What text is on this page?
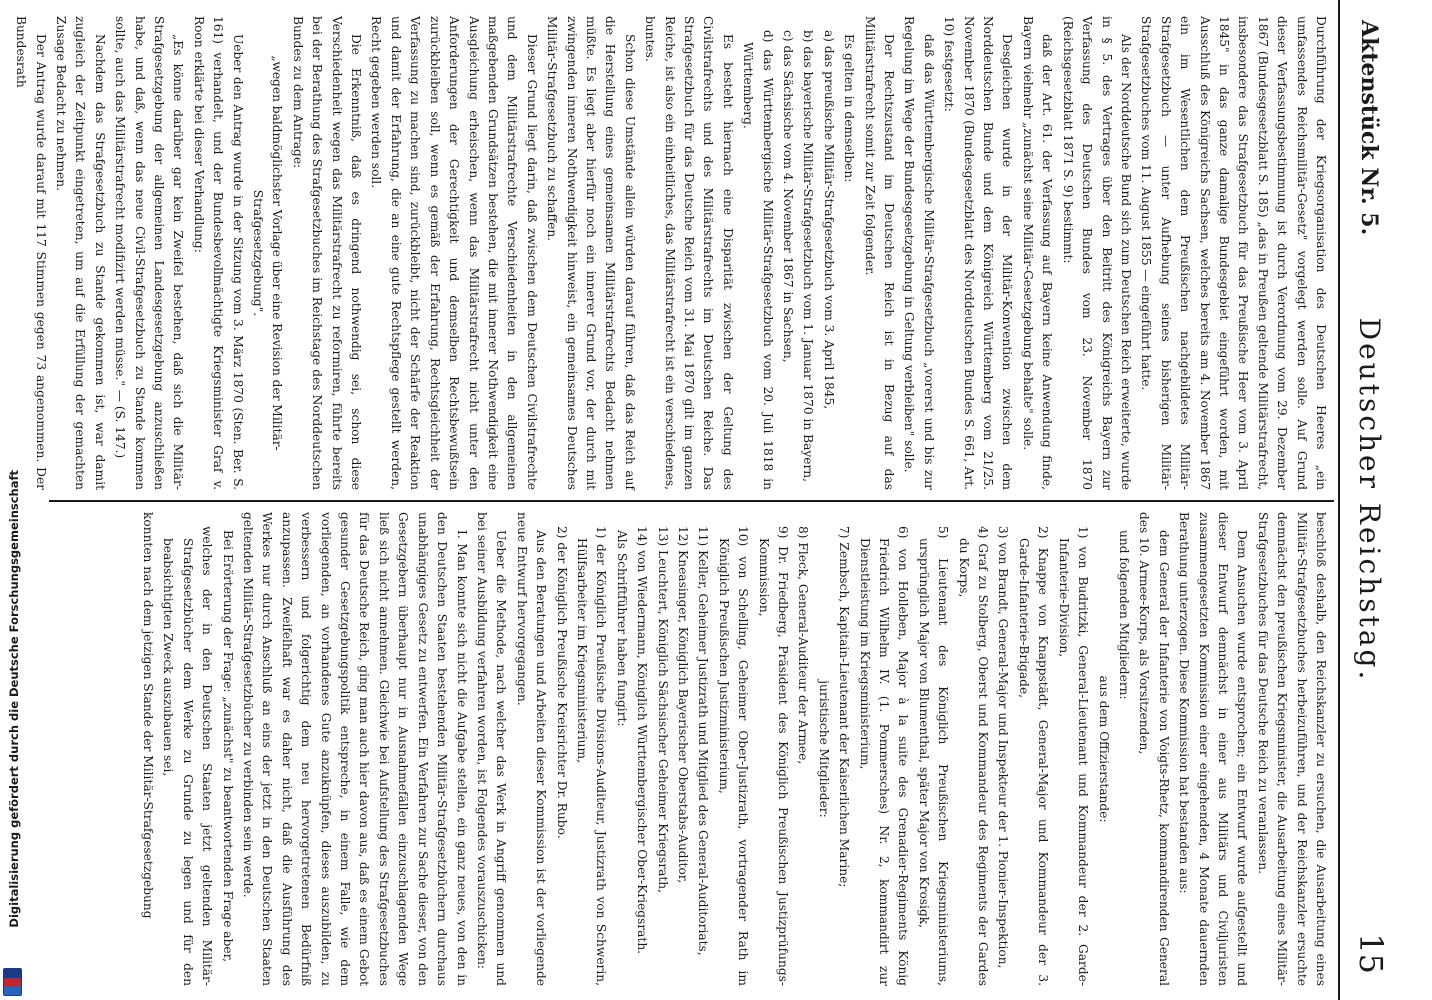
Aktenstück Nr. 5.
Deutscher Reichstag.
15

Durchführung der Kriegsorganisation des Deutschen Heeres „ein umfassendes Reichsmilitär-Gesetz" vorgelegt werden solle. Auf Grund dieser Verfassungsbestimmung ist durch Verordnung vom 29. Dezember 1867 (Bundesgesetzblatt S. 185) „das in Preußen geltende Militärstrafrecht, insbesondere das Strafgesetzbuch für das Preußische Heer vom 3. April 1845" in das ganze damalige Bundesgebiet eingeführt worden, mit Ausschluß des Königreichs Sachsen, welches bereits am 4. November 1867 ein im Wesentlichen dem Preußischen nachgebildetes Militär-Strafgesetzbuch — unter Aufhebung seines bisherigen Militär-Strafgesetzbuches vom 11. August 1855 — eingeführt hatte.

Als der Norddeutsche Bund sich zum Deutschen Reich erweiterte, wurde in § 5. des Vertrages über den Beitritt des Königreichs Bayern zur Verfassung des Deutschen Bundes vom 23. November 1870 (Reichsgesetzblatt 1871 S. 9) bestimmt:

daß der Art. 61. der Verfassung auf Bayern keine Anwendung finde, Bayern vielmehr „zunächst seine Militär-Gesetzgebung behalte" solle.

Desgleichen wurde in der Militär-Konvention zwischen dem Norddeutschen Bunde und dem Königreich Württemberg vom 21/25. November 1870 (Bundesgesetzblatt des Norddeutschen Bundes S. 661, Art. 10) festgesetzt:

daß das Württembergische Militär-Strafgesetzbuch „vorerst und bis zur Regelung im Wege der Bundesgesetzgebung in Geltung verbleiben" solle.

Der Rechtszustand im Deutschen Reich ist in Bezug auf das Militärstrafrecht somit zur Zeit folgender.

Es gelten in demselben:

a) das preußische Militär-Strafgesetzbuch vom 3. April 1845,

b) das bayerische Militär-Strafgesetzbuch vom 1. Januar 1870 in Bayern,

c) das Sächsische vom 4. November 1867 in Sachsen,

d) das Württembergische Militär-Strafgesetzbuch vom 20. Juli 1818 in Württemberg.

Es besteht hiernach eine Disparität zwischen der Geltung des Civilstrafrechts und des Militärstrafrechts im Deutschen Reiche. Das Strafgesetzbuch für das Deutsche Reich vom 31. Mai 1870 gilt im ganzen Reiche, ist also ein einheitliches, das Militärstrafrecht ist ein verschiedenes, buntes.

Schon diese Umstände allein würden darauf führen, daß das Reich auf die Herstellung eines gemeinsamen Militärstrafrechts Bedacht nehmen müßte. Es liegt aber hierfür noch ein innerer Grund vor, der durch mit zwingenden inneren Nothwendigkeit hinweist, ein gemeinsames Deutsches Militär-Strafgesetzbuch zu schaffen.

Dieser Grund liegt darin, daß zwischen dem Deutschen Civilstrafrechte und dem Militärstrafrechte Verschiedenheiten in den allgemeinen maßgebenden Grundsätzen bestehen, die mit innerer Nothwendigkeit eine Ausgleichung erheischen, wenn das Militärstrafrecht nicht unter den Anforderungen der Gerechtigkeit und demselben Rechtsbewußtsein zurückbleiben soll, wenn es gemäß der Erfahrung, Rechtsgleichheit der Verfassung zu machen sind, zurückbleibt, nicht der Schärfe der Reaktion und damit der Erfahrung, die an eine gute Rechtspflege gestellt werden, Recht gegeben werden soll.

Die Erkenntniß, daß es dringend nothwendig sei, schon diese Verschiedenheit wegen das Militärstrafrecht zu reformiren, führte bereits bei der Berathung des Strafgesetzbuches im Reichstage des Norddeutschen Bundes zu dem Antrage:

„wegen baldmöglichster Vorlage über eine Revision der Militär-Strafgesetzgebung".

Ueber den Antrag wurde in der Sitzung vom 3. März 1870 (Sten. Ber. S. 161) verhandelt, und der Bundesbevollmächtigte Kriegsminister Graf v. Roon erklärte bei dieser Verhandlung:

„Es könne darüber gar kein Zweifel bestehen, daß sich die Militär-Strafgesetzgebung der allgemeinen Landesgesetzgebung anzuschließen habe, und daß, wenn das neue Civil-Strafgesetzbuch zu Stande kommen sollte, auch das Militärstrafrecht modifizirt werden müsse." — (S. 147.)

Nachdem das Strafgesetzbuch zu Stande gekommen ist, war damit zugleich der Zeitpunkt eingetreten, um auf die Erfüllung der gemachten Zusage Bedacht zu nehmen.

Der Antrag wurde darauf mit 117 Stimmen gegen 73 angenommen. Der Bundesrath

beschloß deshalb, den Reichskanzler zu ersuchen, die Ausarbeitung eines Militär-Strafgesetzbuches herbeizuführen, und der Reichskanzler ersuchte demnächst den preußischen Kriegsminister, die Ausarbeitung eines Militär-Strafgesetzbuches für das Deutsche Reich zu veranlassen.

Dem Ansuchen wurde entsprochen; ein Entwurf wurde aufgestellt und dieser Entwurf demnächst in einer aus Militärs und Civiljuristen zusammengesetzten Kommission einer eingehenden, 4 Monate dauernden Berathung unterzogen. Diese Kommission hat bestanden aus:

dem General der Infanterie von Voigts-Rhetz, kommandirenden General des 10. Armee-Korps, als Vorsitzenden,

und folgenden Mitgliedern:

aus dem Offizierstande:

1) von Budritzki, General-Lieutenant und Kommandeur der 2. Garde-Infanterie-Division,

2) Knappe von Knappstädt, General-Major und Kommandeur der 3. Garde-Infanterie-Brigade,

3) von Brandt, General-Major und Inspekteur der 1. Pionier-Inspektion,

4) Graf zu Stolberg, Oberst und Kommandeur des Regiments der Gardes du Korps,

5) Lieutenant des Königlich Preußischen Kriegsministeriums, ursprünglich Major von Blumenthal, später Major von Krosigk,

6) von Holleben, Major à la suite des Grenadier-Regiments König Friedrich Wilhelm IV. (1. Pommersches) Nr. 2, kommandirt zur Dienstleistung im Kriegsministerium,

7) Zembsch, Kapitain-Lieutenant der Kaiserlichen Marine;

juristische Mitglieder:

8) Fleck, General-Auditeur der Armee,

9) Dr. Friedberg, Präsident des Königlich Preußischen Justizprüfungs-Kommission,

10) von Schelling, Geheimer Ober-Justizrath, vortragender Rath im Königlich Preußischen Justizministerium,

11) Keller, Geheimer Justizrath und Mitglied des General-Auditoriats,

12) Kneasinger, Königlich Bayerischer Oberstabs-Auditor,

13) Leuchtert, Königlich Sächsischer Geheimer Kriegsrath,

14) von Wiedermann, Königlich Württembergischer Ober-Kriegsrath.

Als Schriftführer haben fungirt:

1) der Königlich Preußische Divisions-Auditeur, Justizrath von Schwerin, Hülfsarbeiter im Kriegsministerium,

2) der Königlich Preußische Kreisrichter Dr. Rubo.

Aus den Beratungen und Arbeiten dieser Kommission ist der vorliegende neue Entwurf hervorgegangen.

Ueber die Methode, nach welcher das Werk in Angriff genommen und bei seiner Ausbildung verfahren worden, ist Folgendes vorauszuschicken:

I. Man konnte sich nicht die Aufgabe stellen, ein ganz neues, von den in den Deutschen Staaten bestehenden Militär-Strafgesetzbüchern durchaus unabhängiges Gesetz zu entwerfen. Ein Verfahren zur Sache dieser, von den Gesetzgebern überhaupt nur in Ausnahmefällen einzuschlagenden Wege ließ sich nicht annehmen. Gleichwie bei Aufstellung des Strafgesetzbuches für das Deutsche Reich, ging man auch hier davon aus, daß es einem Gebot gesunder Gesetzgebungspolitik entspreche, in einem Falle, wie dem vorliegenden, an vorhandenes Gute anzuknüpfen, dieses auszubilden, zu verbessern und folgerichtig dem neu hervorgetretenen Bedürfniß anzupassen. Zweifelhaft war es daher nicht, daß die Ausführung des Werkes nur durch Anschluß an eins der jetzt in den Deutschen Staaten geltenden Militär-Strafgesetzbücher zu verbinden sein werde.

Bei Erörterung der Frage: „zunächst" zu beantwortenden Frage aber,

welches der in den Deutschen Staaten jetzt geltenden Militär-Strafgesetzbücher dem Werke zu Grunde zu legen und für den beabsichtigten Zweck auszubauen sei,

konnten nach dem jetzigen Stande der Militär-Strafgesetzgebung

Digitalisierung gefördert durch die Deutsche Forschungsgemeinschaft
